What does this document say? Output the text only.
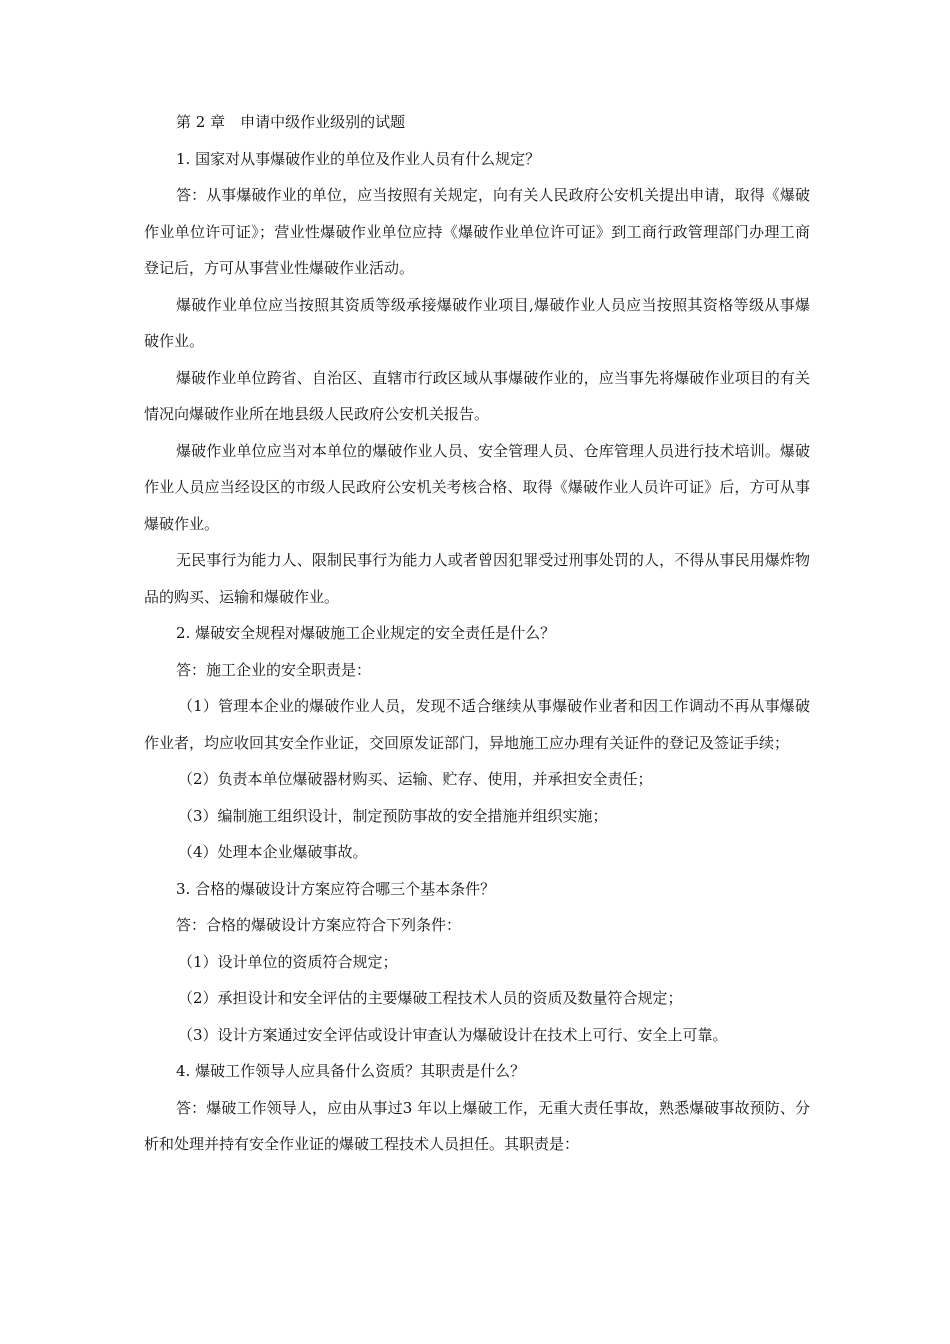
第 2 章　申请中级作业级别的试题

1. 国家对从事爆破作业的单位及作业人员有什么规定？

答：从事爆破作业的单位，应当按照有关规定，向有关人民政府公安机关提出申请，取得《爆破作业单位许可证》；营业性爆破作业单位应持《爆破作业单位许可证》到工商行政管理部门办理工商登记后，方可从事营业性爆破作业活动。

爆破作业单位应当按照其资质等级承接爆破作业项目,爆破作业人员应当按照其资格等级从事爆破作业。

爆破作业单位跨省、自治区、直辖市行政区域从事爆破作业的，应当事先将爆破作业项目的有关情况向爆破作业所在地县级人民政府公安机关报告。

爆破作业单位应当对本单位的爆破作业人员、安全管理人员、仓库管理人员进行技术培训。爆破作业人员应当经设区的市级人民政府公安机关考核合格、取得《爆破作业人员许可证》后，方可从事爆破作业。

无民事行为能力人、限制民事行为能力人或者曾因犯罪受过刑事处罚的人，不得从事民用爆炸物品的购买、运输和爆破作业。

2. 爆破安全规程对爆破施工企业规定的安全责任是什么？

答：施工企业的安全职责是：

（1）管理本企业的爆破作业人员，发现不适合继续从事爆破作业者和因工作调动不再从事爆破作业者，均应收回其安全作业证，交回原发证部门，异地施工应办理有关证件的登记及签证手续；

（2）负责本单位爆破器材购买、运输、贮存、使用，并承担安全责任；

（3）编制施工组织设计，制定预防事故的安全措施并组织实施；

（4）处理本企业爆破事故。

3. 合格的爆破设计方案应符合哪三个基本条件？

答：合格的爆破设计方案应符合下列条件：

（1）设计单位的资质符合规定；

（2）承担设计和安全评估的主要爆破工程技术人员的资质及数量符合规定；

（3）设计方案通过安全评估或设计审查认为爆破设计在技术上可行、安全上可靠。

4. 爆破工作领导人应具备什么资质？其职责是什么？

答：爆破工作领导人，应由从事过3 年以上爆破工作，无重大责任事故，熟悉爆破事故预防、分析和处理并持有安全作业证的爆破工程技术人员担任。其职责是：
